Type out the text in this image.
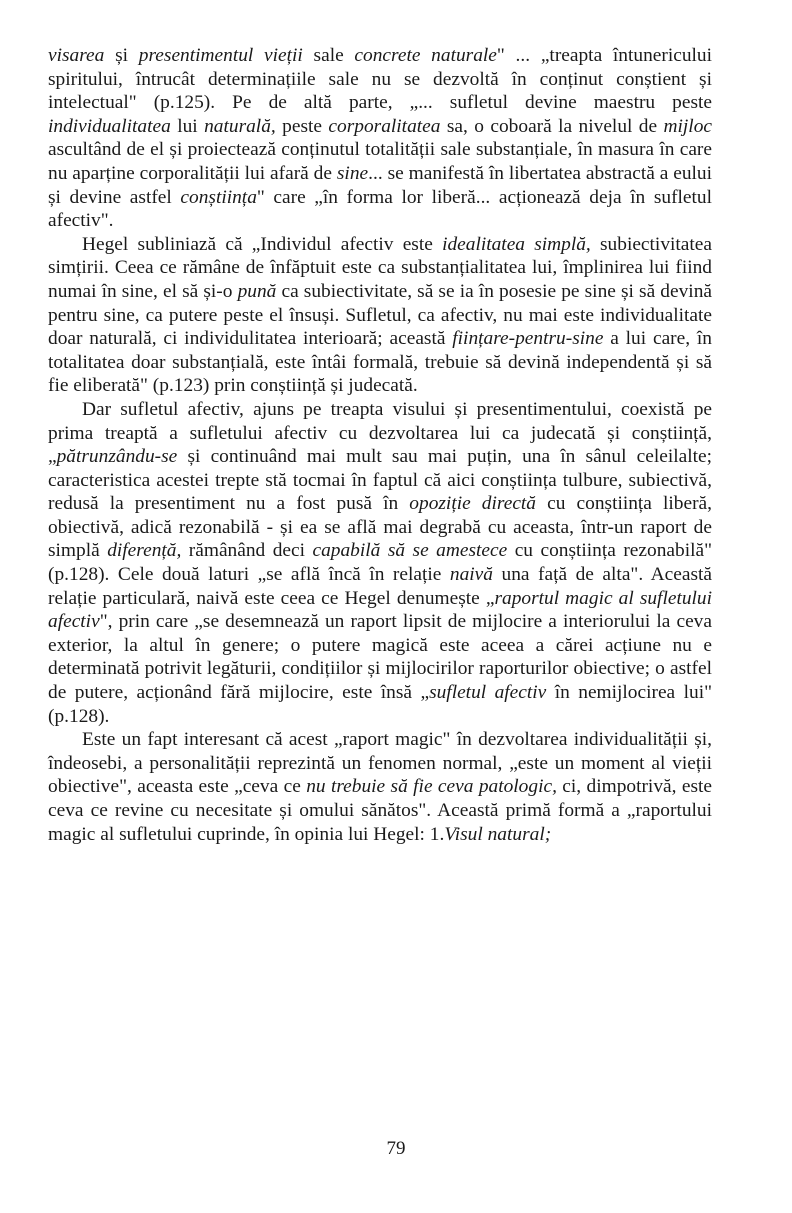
visarea și presentimentul vieții sale concrete naturale" ... „treapta întunericului spiritului, întrucât determinațiile sale nu se dezvoltă în conținut conștient și intelectual" (p.125). Pe de altă parte, „... sufletul devine maestru peste individualitatea lui naturală, peste corporalitatea sa, o coboară la nivelul de mijloc ascultând de el și proiectează conținutul totalității sale substanțiale, în masura în care nu aparține corporalității lui afară de sine... se manifestă în libertatea abstractă a eului și devine astfel conștiința" care „în forma lor liberă... acționează deja în sufletul afectiv".

Hegel subliniază că „Individul afectiv este idealitatea simplă, subiectivitatea simțirii. Ceea ce rămâne de înfăptuit este ca substanțialitatea lui, împlinirea lui fiind numai în sine, el să și-o pună ca subiectivitate, să se ia în posesie pe sine și să devină pentru sine, ca putere peste el însuși. Sufletul, ca afectiv, nu mai este individualitate doar naturală, ci individulitatea interioară; această ființare-pentru-sine a lui care, în totalitatea doar substanțială, este întâi formală, trebuie să devină independentă și să fie eliberată" (p.123) prin conștiință și judecată.

Dar sufletul afectiv, ajuns pe treapta visului și presentimentului, coexistă pe prima treaptă a sufletului afectiv cu dezvoltarea lui ca judecată și conștiință, „pătrunzându-se și continuând mai mult sau mai puțin, una în sânul celeilalte; caracteristica acestei trepte stă tocmai în faptul că aici conștiința tulbure, subiectivă, redusă la presentiment nu a fost pusă în opoziție directă cu conștiința liberă, obiectivă, adică rezonabilă - și ea se află mai degrabă cu aceasta, într-un raport de simplă diferență, rămânând deci capabilă să se amestece cu conștiința rezonabilă" (p.128). Cele două laturi „se află încă în relație naivă una față de alta". Această relație particulară, naivă este ceea ce Hegel denumește „raportul magic al sufletului afectiv", prin care „se desemnează un raport lipsit de mijlocire a interiorului la ceva exterior, la altul în genere; o putere magică este aceea a cărei acțiune nu e determinată potrivit legăturii, condițiilor și mijlocirilor raporturilor obiective; o astfel de putere, acționând fără mijlocire, este însă „sufletul afectiv în nemijlocirea lui" (p.128).

Este un fapt interesant că acest „raport magic" în dezvoltarea individualității și, îndeosebi, a personalității reprezintă un fenomen normal, „este un moment al vieții obiective", aceasta este „ceva ce nu trebuie să fie ceva patologic, ci, dimpotrivă, este ceva ce revine cu necesitate și omului sănătos". Această primă formă a „raportului magic al sufletului cuprinde, în opinia lui Hegel: 1.Visul natural;

79
